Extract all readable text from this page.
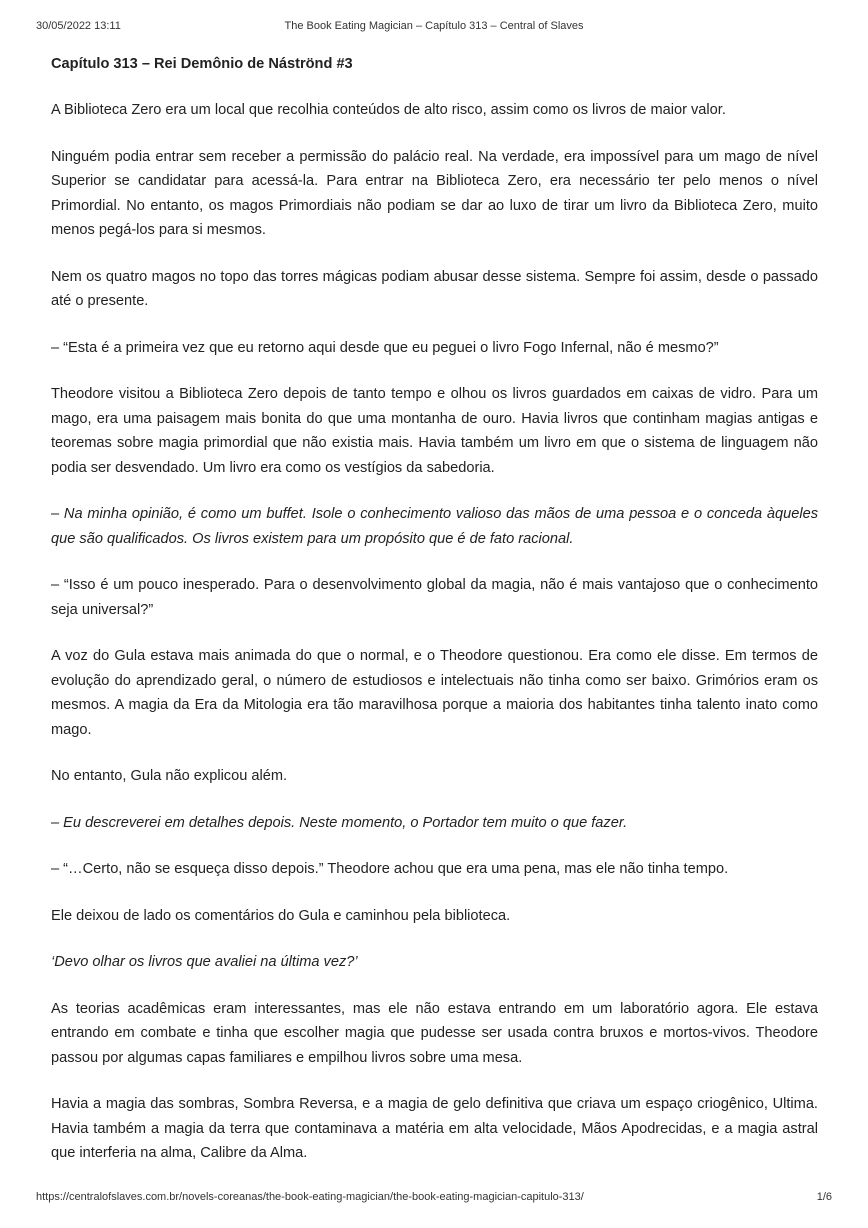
30/05/2022 13:11	The Book Eating Magician – Capítulo 313 – Central of Slaves
Capítulo 313 – Rei Demônio de Náströnd #3

A Biblioteca Zero era um local que recolhia conteúdos de alto risco, assim como os livros de maior valor.

Ninguém podia entrar sem receber a permissão do palácio real. Na verdade, era impossível para um mago de nível Superior se candidatar para acessá-la. Para entrar na Biblioteca Zero, era necessário ter pelo menos o nível Primordial. No entanto, os magos Primordiais não podiam se dar ao luxo de tirar um livro da Biblioteca Zero, muito menos pegá-los para si mesmos.

Nem os quatro magos no topo das torres mágicas podiam abusar desse sistema. Sempre foi assim, desde o passado até o presente.

– “Esta é a primeira vez que eu retorno aqui desde que eu peguei o livro Fogo Infernal, não é mesmo?”

Theodore visitou a Biblioteca Zero depois de tanto tempo e olhou os livros guardados em caixas de vidro. Para um mago, era uma paisagem mais bonita do que uma montanha de ouro. Havia livros que continham magias antigas e teoremas sobre magia primordial que não existia mais. Havia também um livro em que o sistema de linguagem não podia ser desvendado. Um livro era como os vestígios da sabedoria.

– Na minha opinião, é como um buffet. Isole o conhecimento valioso das mãos de uma pessoa e o conceda àqueles que são qualificados. Os livros existem para um propósito que é de fato racional.

– “Isso é um pouco inesperado. Para o desenvolvimento global da magia, não é mais vantajoso que o conhecimento seja universal?”

A voz do Gula estava mais animada do que o normal, e o Theodore questionou. Era como ele disse. Em termos de evolução do aprendizado geral, o número de estudiosos e intelectuais não tinha como ser baixo. Grimórios eram os mesmos. A magia da Era da Mitologia era tão maravilhosa porque a maioria dos habitantes tinha talento inato como mago.

No entanto, Gula não explicou além.

– Eu descreverei em detalhes depois. Neste momento, o Portador tem muito o que fazer.

– “…Certo, não se esqueça disso depois.” Theodore achou que era uma pena, mas ele não tinha tempo.

Ele deixou de lado os comentários do Gula e caminhou pela biblioteca.

‘Devo olhar os livros que avaliei na última vez?’

As teorias acadêmicas eram interessantes, mas ele não estava entrando em um laboratório agora. Ele estava entrando em combate e tinha que escolher magia que pudesse ser usada contra bruxos e mortos-vivos. Theodore passou por algumas capas familiares e empilhou livros sobre uma mesa.

Havia a magia das sombras, Sombra Reversa, e a magia de gelo definitiva que criava um espaço criogênico, Ultima. Havia também a magia da terra que contaminava a matéria em alta velocidade, Mãos Apodrecidas, e a magia astral que interferia na alma, Calibre da Alma.

https://centralofslaves.com.br/novels-coreanas/the-book-eating-magician/the-book-eating-magician-capitulo-313/	1/6
